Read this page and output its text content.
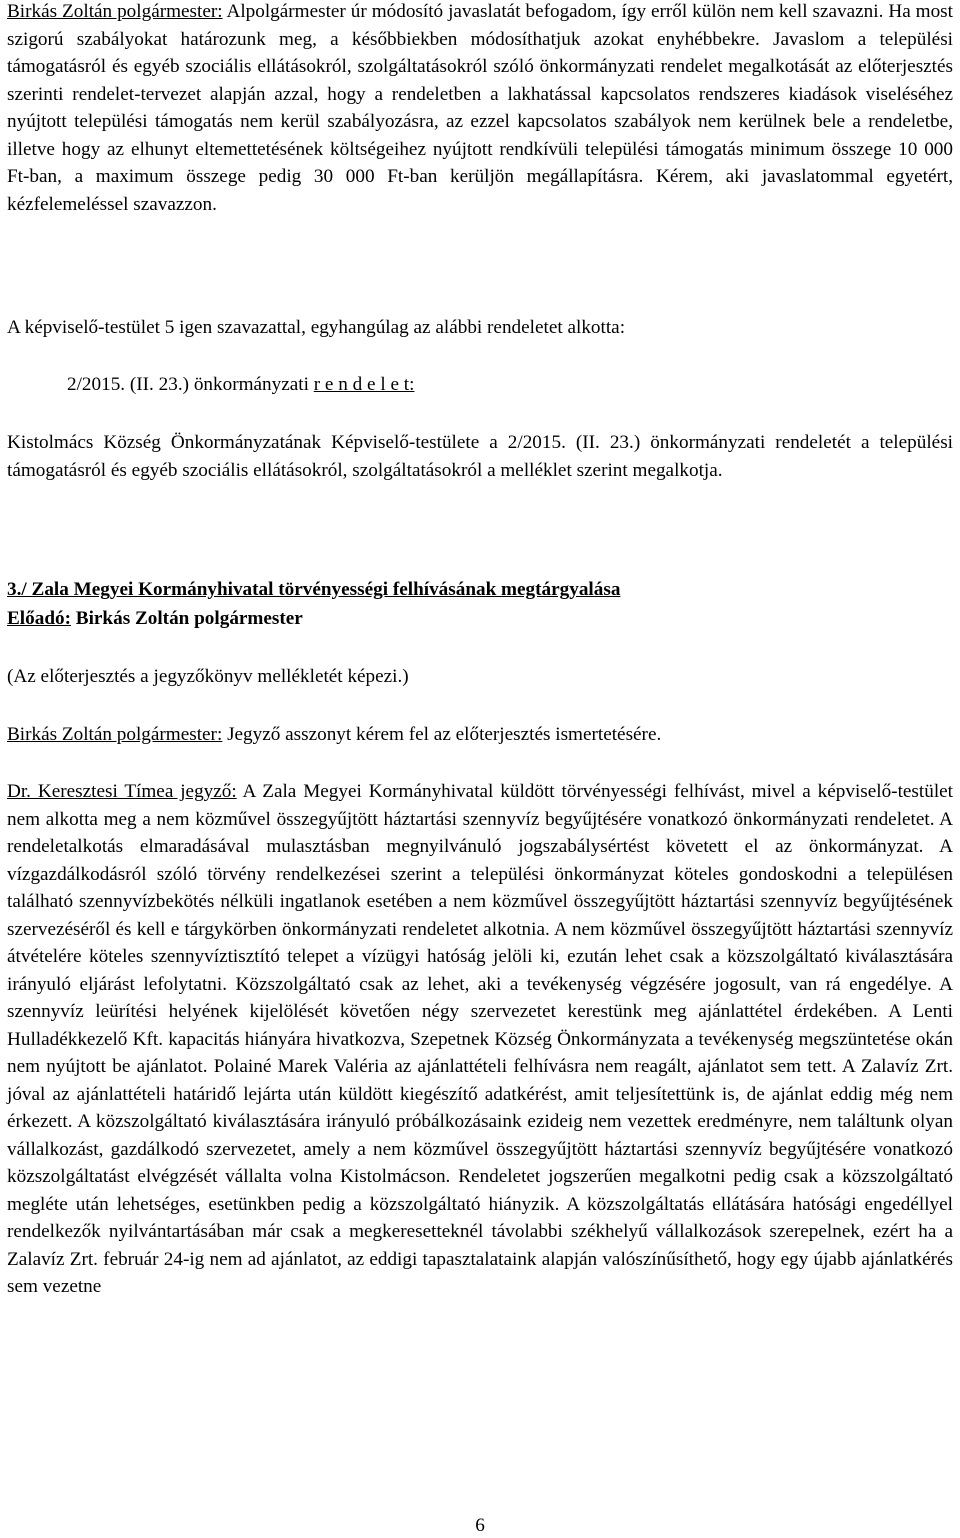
Birkás Zoltán polgármester: Alpolgármester úr módosító javaslatát befogadom, így erről külön nem kell szavazni. Ha most szigorú szabályokat határozunk meg, a későbbiekben módosíthatjuk azokat enyhébbekre. Javaslom a települési támogatásról és egyéb szociális ellátásokról, szolgáltatásokról szóló önkormányzati rendelet megalkotását az előterjesztés szerinti rendelet-tervezet alapján azzal, hogy a rendeletben a lakhatással kapcsolatos rendszeres kiadások viseléséhez nyújtott települési támogatás nem kerül szabályozásra, az ezzel kapcsolatos szabályok nem kerülnek bele a rendeletbe, illetve hogy az elhunyt eltemettetésének költségeihez nyújtott rendkívüli települési támogatás minimum összege 10 000 Ft-ban, a maximum összege pedig 30 000 Ft-ban kerüljön megállapításra. Kérem, aki javaslatommal egyetért, kézfelemeléssel szavazzon.

A képviselő-testület 5 igen szavazattal, egyhangúlag az alábbi rendeletet alkotta:

2/2015. (II. 23.) önkormányzati r e n d e l e t:

Kistolmács Község Önkormányzatának Képviselő-testülete a 2/2015. (II. 23.) önkormányzati rendeletét a települési támogatásról és egyéb szociális ellátásokról, szolgáltatásokról a melléklet szerint megalkotja.

3./ Zala Megyei Kormányhivatal törvényességi felhívásának megtárgyalása

Előadó: Birkás Zoltán polgármester

(Az előterjesztés a jegyzőkönyv mellékletét képezi.)

Birkás Zoltán polgármester: Jegyző asszonyt kérem fel az előterjesztés ismertetésére.

Dr. Keresztesi Tímea jegyző: A Zala Megyei Kormányhivatal küldött törvényességi felhívást, mivel a képviselő-testület nem alkotta meg a nem közművel összegyűjtött háztartási szennyvíz begyűjtésére vonatkozó önkormányzati rendeletet. A rendeletalkotás elmaradásával mulasztásban megnyilvánuló jogszabálysértést követett el az önkormányzat. A vízgazdálkodásról szóló törvény rendelkezései szerint a települési önkormányzat köteles gondoskodni a településen található szennyvízbekötés nélküli ingatlanok esetében a nem közművel összegyűjtött háztartási szennyvíz begyűjtésének szervezéséről és kell e tárgykörben önkormányzati rendeletet alkotnia. A nem közművel összegyűjtött háztartási szennyvíz átvételére köteles szennyvíztisztító telepet a vízügyi hatóság jelöli ki, ezután lehet csak a közszolgáltató kiválasztására irányuló eljárást lefolytatni. Közszolgáltató csak az lehet, aki a tevékenység végzésére jogosult, van rá engedélye. A szennyvíz leürítési helyének kijelölését követően négy szervezetet kerestünk meg ajánlattétel érdekében. A Lenti Hulladékkezelő Kft. kapacitás hiányára hivatkozva, Szepetnek Község Önkormányzata a tevékenység megszüntetése okán nem nyújtott be ajánlatot. Polainé Marek Valéria az ajánlattételi felhívásra nem reagált, ajánlatot sem tett. A Zalavíz Zrt. jóval az ajánlattételi határidő lejárta után küldött kiegészítő adatkérést, amit teljesítettünk is, de ajánlat eddig még nem érkezett. A közszolgáltató kiválasztására irányuló próbálkozásaink ezideig nem vezettek eredményre, nem találtunk olyan vállalkozást, gazdálkodó szervezetet, amely a nem közművel összegyűjtött háztartási szennyvíz begyűjtésére vonatkozó közszolgáltatást elvégzését vállalta volna Kistolmácson. Rendeletet jogszerűen megalkotni pedig csak a közszolgáltató megléte után lehetséges, esetünkben pedig a közszolgáltató hiányzik. A közszolgáltatás ellátására hatósági engedéllyel rendelkezők nyilvántartásában már csak a megkeresetteknél távolabbi székhelyű vállalkozások szerepelnek, ezért ha a Zalavíz Zrt. február 24-ig nem ad ajánlatot, az eddigi tapasztalataink alapján valószínűsíthető, hogy egy újabb ajánlatkérés sem vezetne

6
